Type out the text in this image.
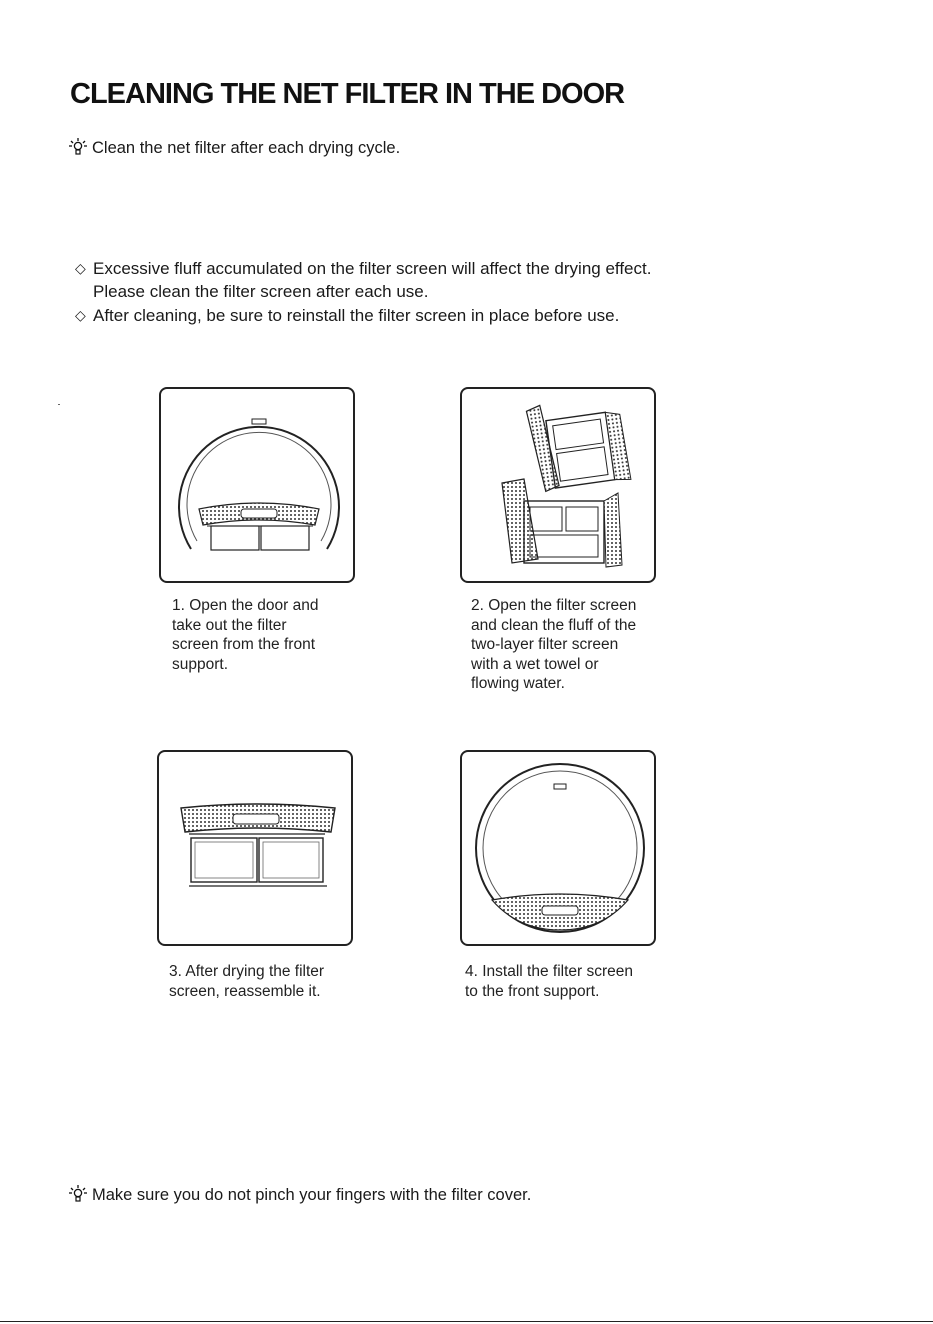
CLEANING THE NET FILTER IN THE DOOR
Clean the net filter after each drying cycle.
◇ Excessive fluff accumulated on the filter screen will affect the drying effect.
Please clean the filter screen after each use.
◇ After cleaning, be sure to reinstall the filter screen in place before use.
1. Open the door and
take out the filter
screen from the front
support.
2. Open the filter screen
and clean the fluff of the
two-layer filter screen
with a wet towel or
flowing water.
3. After drying the filter
screen, reassemble it.
4. Install the filter screen
to the front support.
Make sure you do not pinch your fingers with the filter cover.
